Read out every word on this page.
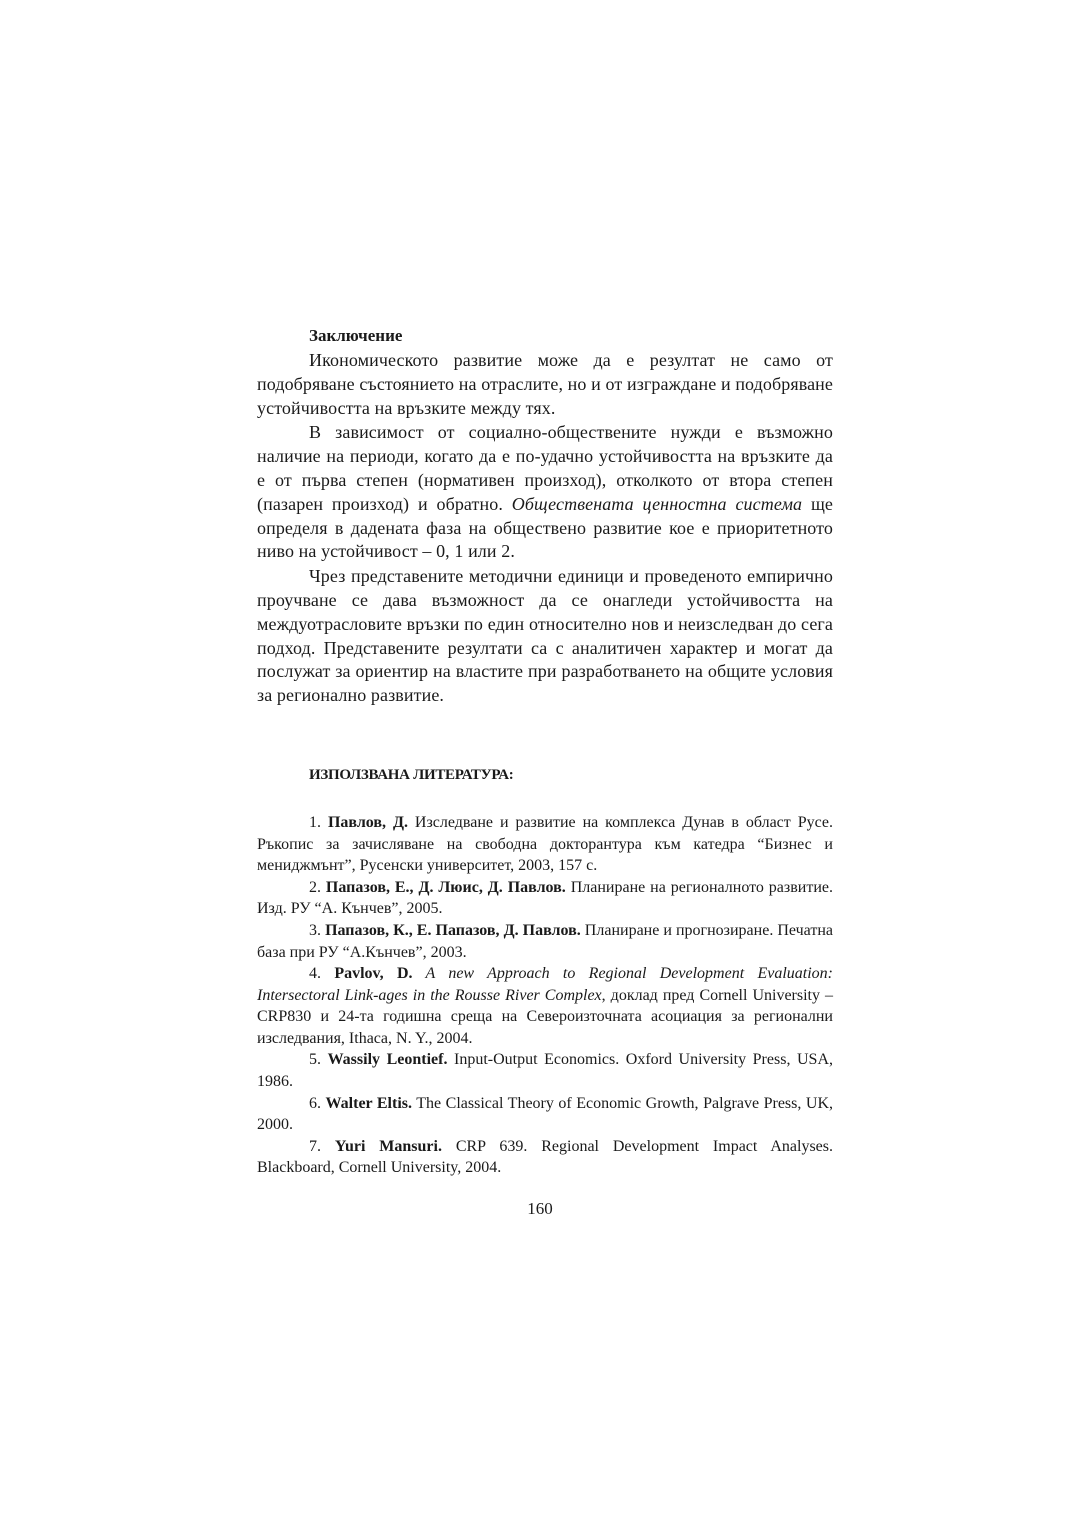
Заключение

Икономическото развитие може да е резултат не само от подобряване състоянието на отраслите, но и от изграждане и подобряване устойчивостта на връзките между тях.

В зависимост от социално-обществените нужди е възможно наличие на периоди, когато да е по-удачно устойчивостта на връзките да е от първа степен (нормативен произход), отколкото от втора степен (пазарен произход) и обратно. Обществената ценностна система ще определя в дадената фаза на обществено развитие кое е приоритетното ниво на устойчивост – 0, 1 или 2.

Чрез представените методични единици и проведеното емпирично проучване се дава възможност да се онагледи устойчивостта на междуотрасловите връзки по един относително нов и неизследван до сега подход. Представените резултати са с аналитичен характер и могат да послужат за ориентир на властите при разработването на общите условия за регионално развитие.

ИЗПОЛЗВАНА ЛИТЕРАТУРА:

1. Павлов, Д. Изследване и развитие на комплекса Дунав в област Русе. Ръкопис за зачисляване на свободна докторантура към катедра “Бизнес и мениджмънт”, Русенски университет, 2003, 157 с.

2. Папазов, Е., Д. Люис, Д. Павлов. Планиране на регионалното развитие. Изд. РУ “А. Кънчев”, 2005.

3. Папазов, К., Е. Папазов, Д. Павлов. Планиране и прогнозиране. Печатна база при РУ “А.Кънчев”, 2003.

4. Pavlov, D. A new Approach to Regional Development Evaluation: Intersectoral Link-ages in the Rousse River Complex, доклад пред Cornell University – CRP830 и 24-та годишна среща на Североизточната асоциация за регионални изследвания, Ithaca, N. Y., 2004.

5. Wassily Leontief. Input-Output Economics. Oxford University Press, USA, 1986.

6. Walter Eltis. The Classical Theory of Economic Growth, Palgrave Press, UK, 2000.

7. Yuri Mansuri. CRP 639. Regional Development Impact Analyses. Blackboard, Cornell University, 2004.

160
